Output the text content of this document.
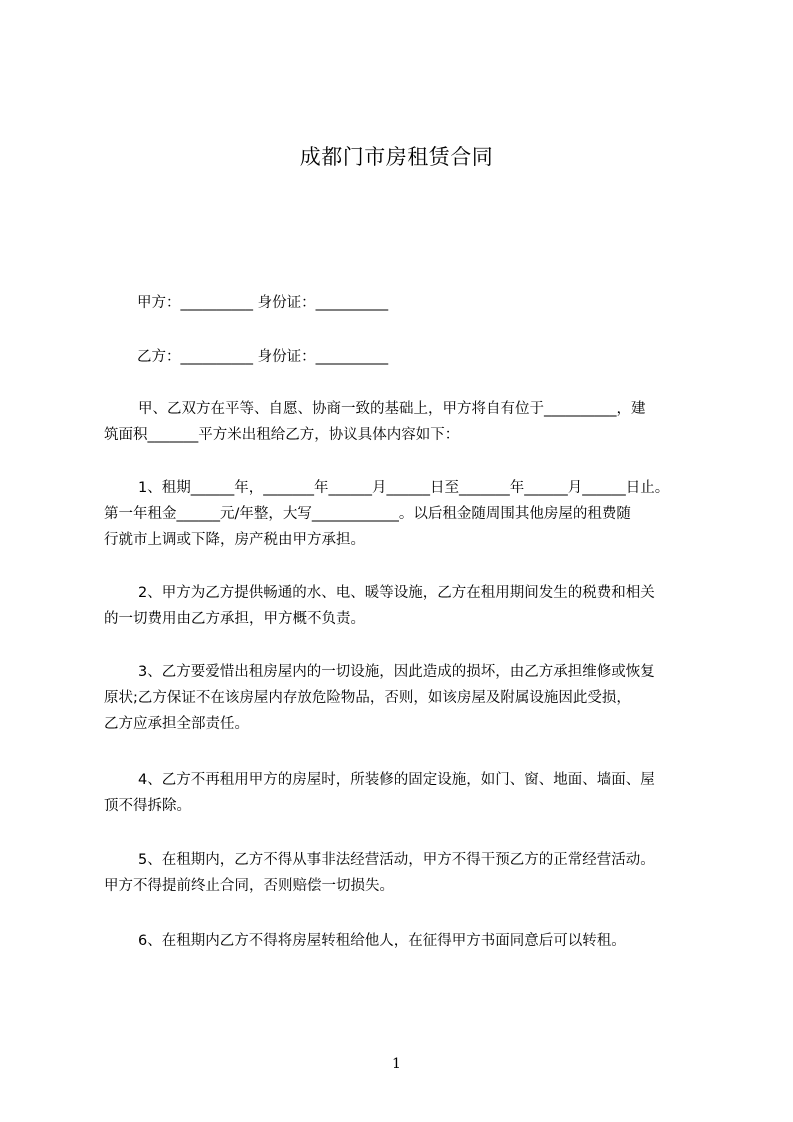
成都门市房租赁合同

甲方：__________ 身份证：__________

乙方：__________ 身份证：__________

甲、乙双方在平等、自愿、协商一致的基础上，甲方将自有位于__________，建
筑面积_______平方米出租给乙方，协议具体内容如下：
1、租期______年，_______年______月______日至_______年______月______日止。
第一年租金______元/年整，大写____________。以后租金随周围其他房屋的租费随
行就市上调或下降，房产税由甲方承担。
2、甲方为乙方提供畅通的水、电、暖等设施，乙方在租用期间发生的税费和相关
的一切费用由乙方承担，甲方概不负责。
3、乙方要爱惜出租房屋内的一切设施，因此造成的损坏，由乙方承担维修或恢复
原状;乙方保证不在该房屋内存放危险物品，否则，如该房屋及附属设施因此受损，
乙方应承担全部责任。
4、乙方不再租用甲方的房屋时，所装修的固定设施，如门、窗、地面、墙面、屋
顶不得拆除。
5、在租期内，乙方不得从事非法经营活动，甲方不得干预乙方的正常经营活动。
甲方不得提前终止合同，否则赔偿一切损失。
6、在租期内乙方不得将房屋转租给他人，在征得甲方书面同意后可以转租。

1
